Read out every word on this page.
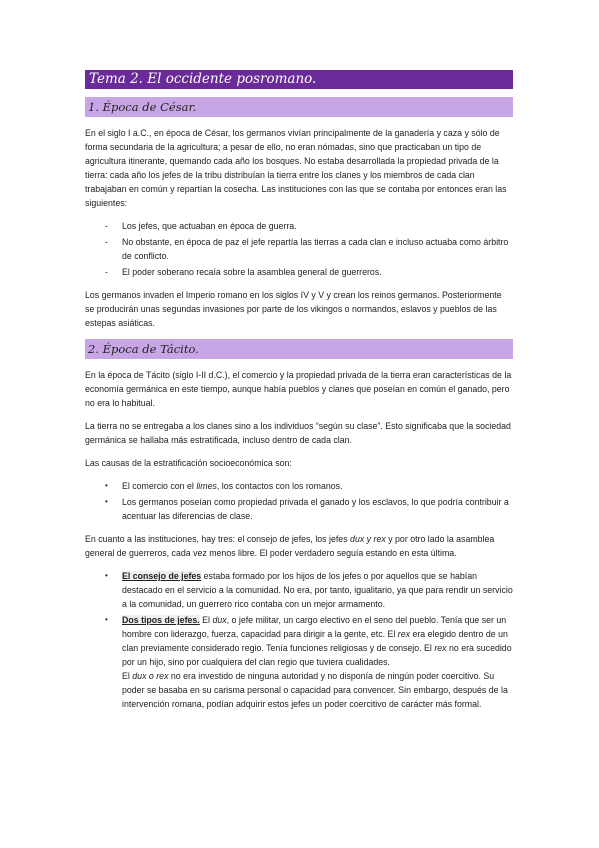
Tema 2. El occidente posromano.
1. Época de César.

En el siglo I a.C., en época de César, los germanos vivían principalmente de la ganadería y caza y sólo de forma secundaria de la agricultura; a pesar de ello, no eran nómadas, sino que practicaban un tipo de agricultura itinerante, quemando cada año los bosques. No estaba desarrollada la propiedad privada de la tierra: cada año los jefes de la tribu distribuían la tierra entre los clanes y los miembros de cada clan trabajaban en común y repartían la cosecha. Las instituciones con las que se contaba por entonces eran las siguientes:

- Los jefes, que actuaban en época de guerra.
- No obstante, en época de paz el jefe repartía las tierras a cada clan e incluso actuaba como árbitro de conflicto.
- El poder soberano recaía sobre la asamblea general de guerreros.

Los germanos invaden el Imperio romano en los siglos IV y V y crean los reinos germanos. Posteriormente se producirán unas segundas invasiones por parte de los vikingos o normandos, eslavos y pueblos de las estepas asiáticas.

2. Época de Tácito.

En la época de Tácito (siglo I-II d.C.), el comercio y la propiedad privada de la tierra eran características de la economía germánica en este tiempo, aunque había pueblos y clanes que poseían en común el ganado, pero no era lo habitual.

La tierra no se entregaba a los clanes sino a los individuos “según su clase”. Esto significaba que la sociedad germánica se hallaba más estratificada, incluso dentro de cada clan.

Las causas de la estratificación socioeconómica son:

• El comercio con el limes, los contactos con los romanos.
• Los germanos poseían como propiedad privada el ganado y los esclavos, lo que podría contribuir a acentuar las diferencias de clase.

En cuanto a las instituciones, hay tres: el consejo de jefes, los jefes dux y rex y por otro lado la asamblea general de guerreros, cada vez menos libre. El poder verdadero seguía estando en esta última.

• El consejo de jefes estaba formado por los hijos de los jefes o por aquellos que se habían destacado en el servicio a la comunidad. No era, por tanto, igualitario, ya que para rendir un servicio a la comunidad, un guerrero rico contaba con un mejor armamento.
• Dos tipos de jefes. El dux, o jefe militar, un cargo electivo en el seno del pueblo. Tenía que ser un hombre con liderazgo, fuerza, capacidad para dirigir a la gente, etc. El rex era elegido dentro de un clan previamente considerado regio. Tenía funciones religiosas y de consejo. El rex no era sucedido por un hijo, sino por cualquiera del clan regio que tuviera cualidades.
El dux o rex no era investido de ninguna autoridad y no disponía de ningún poder coercitivo. Su poder se basaba en su carisma personal o capacidad para convencer. Sin embargo, después de la intervención romana, podían adquirir estos jefes un poder coercitivo de carácter más formal.
